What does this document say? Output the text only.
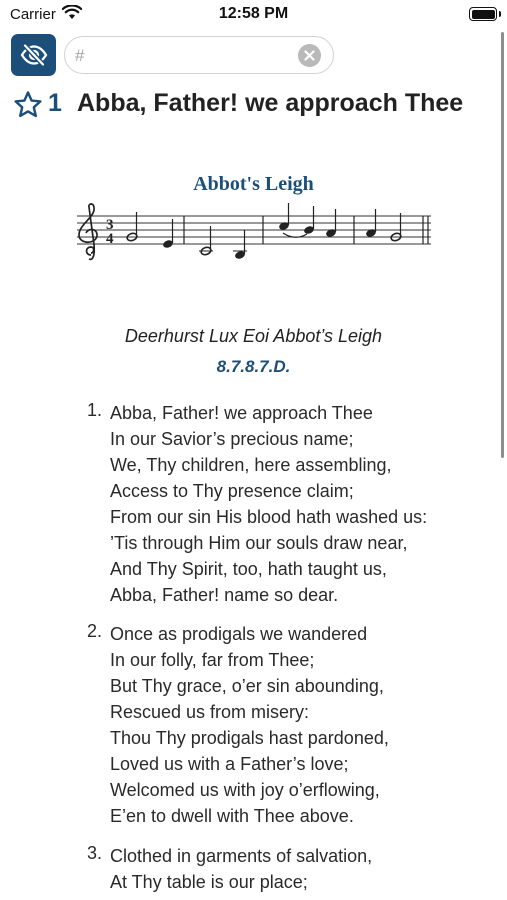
Carrier	12:58 PM
#
1 Abba, Father! we approach Thee
Abbot's Leigh
3
4
Deerhurst Lux Eoi Abbot’s Leigh
8.7.8.7.D.
1. Abba, Father! we approach Thee
In our Savior’s precious name;
We, Thy children, here assembling,
Access to Thy presence claim;
From our sin His blood hath washed us:
’Tis through Him our souls draw near,
And Thy Spirit, too, hath taught us,
Abba, Father! name so dear.
2. Once as prodigals we wandered
In our folly, far from Thee;
But Thy grace, o’er sin abounding,
Rescued us from misery:
Thou Thy prodigals hast pardoned,
Loved us with a Father’s love;
Welcomed us with joy o’erflowing,
E’en to dwell with Thee above.
3. Clothed in garments of salvation,
At Thy table is our place;
